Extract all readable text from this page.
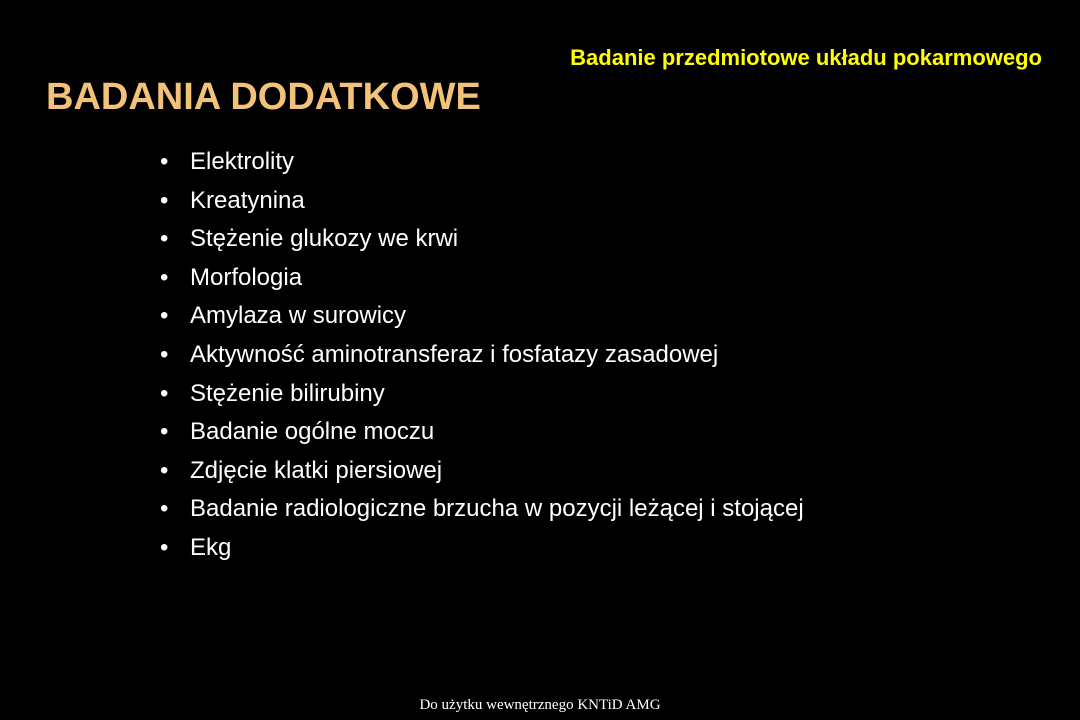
Badanie przedmiotowe układu pokarmowego
BADANIA DODATKOWE
• Elektrolity
• Kreatynina
• Stężenie glukozy we krwi
• Morfologia
• Amylaza w surowicy
• Aktywność aminotransferaz i fosfatazy zasadowej
• Stężenie bilirubiny
• Badanie ogólne moczu
• Zdjęcie klatki piersiowej
• Badanie radiologiczne brzucha w pozycji leżącej i stojącej
• Ekg
Do użytku wewnętrznego KNTiD AMG
